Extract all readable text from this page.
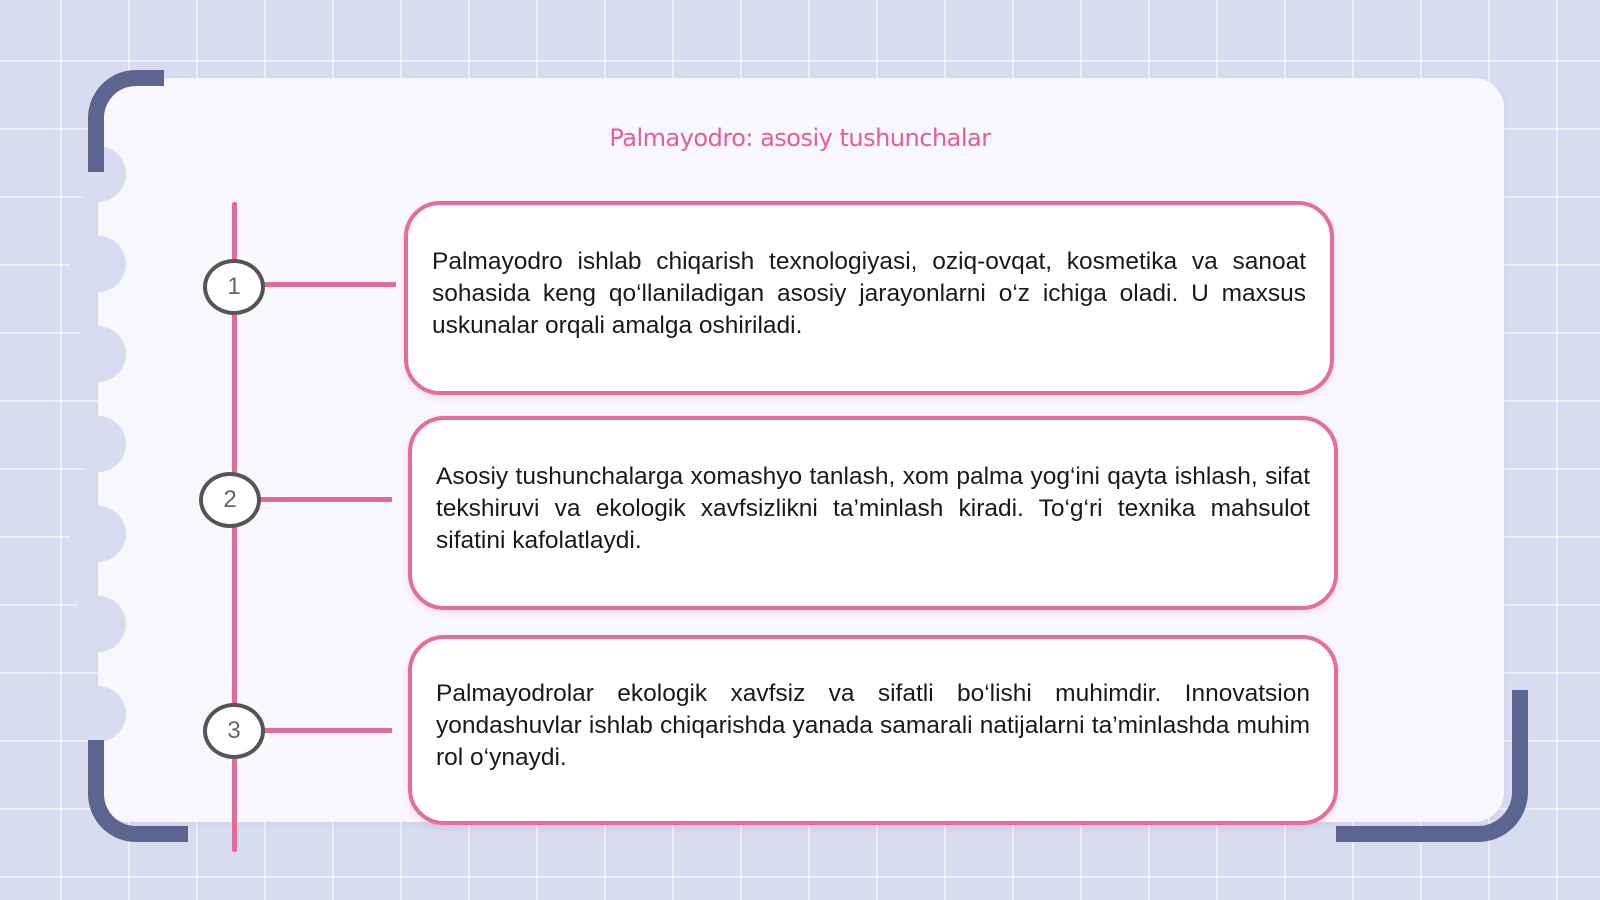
Palmayodro: asosiy tushunchalar
1
2
3

Palmayodro ishlab chiqarish texnologiyasi, oziq-ovqat, kosmetika va sanoat sohasida keng qo‘llaniladigan asosiy jarayonlarni o‘z ichiga oladi. U maxsus uskunalar orqali amalga oshiriladi.

Asosiy tushunchalarga xomashyo tanlash, xom palma yog‘ini qayta ishlash, sifat tekshiruvi va ekologik xavfsizlikni ta’minlash kiradi. To‘g‘ri texnika mahsulot sifatini kafolatlaydi.

Palmayodrolar ekologik xavfsiz va sifatli bo‘lishi muhimdir. Innovatsion yondashuvlar ishlab chiqarishda yanada samarali natijalarni ta’minlashda muhim rol o‘ynaydi.
